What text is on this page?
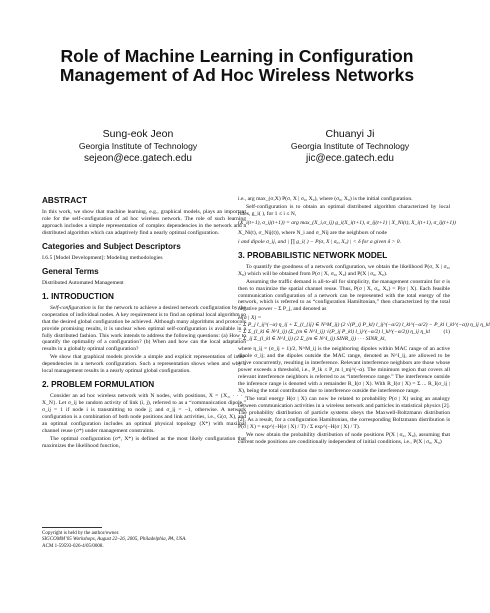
Role of Machine Learning in Configuration Management of Ad Hoc Wireless Networks
Sung-eok Jeon
Georgia Institute of Technology
sejeon@ece.gatech.edu
Chuanyi Ji
Georgia Institute of Technology
jic@ece.gatech.edu
ABSTRACT

In this work, we show that machine learning, e.g., graphical models, plays an important role for the self-configuration of ad hoc wireless network. The role of such learning approach includes a simple representation of complex dependencies in the network and a distributed algorithm which can adaptively find a nearly optimal configuration.

Categories and Subject Descriptors

I.6.5 [Model Development]: Modeling methodologies

General Terms

Distributed Automated Management

1. INTRODUCTION

Self-configuration is for the network to achieve a desired network configuration by the cooperation of individual nodes. A key requirement is to find an optimal local algorithm so that the desired global configuration be achieved. Although many algorithms and protocols provide promising results, it is unclear when optimal self-configuration is available in a fully distributed fashion. This work intends to address the following questions: (a) How to quantify the optimality of a configuration? (b) When and how can the local adaptation results in a globally optimal configuration?

We show that graphical models provide a simple and explicit representation of inter-dependencies in a network configuration. Such a representation shows when and why a local management results in a nearly optimal global configuration.

2. PROBLEM FORMULATION

Consider an ad hoc wireless network with N nodes, with positions, X = {X₁, · · · , X_N}. Let σ_ij be random activity of link (i, j), referred to as a “communication dipole,” σ_ij = 1 if node i is transmitting to node j; and σ_ij = −1, otherwise. A network configuration is a combination of both node positions and link activities, i.e., G(σ, X), and an optimal configuration includes an optimal physical topology (X*) with maximal channel reuse (σ*) under management constraints.

The optimal configuration (σ*, X*) is defined as the most likely configuration that maximizes the likelihood function,

Copyright is held by the author/owner.
SIGCOMM’05 Workshops, August 22–26, 2005, Philadelphia, PA, USA.
ACM 1-59593-026-4/05/0008.

i.e., arg max_(σ,X) P(σ, X | σ₀, X₀), where (σ₀, X₀) is the initial configuration.

Self-configuration is to obtain an optimal distributed algorithm characterized by local rules, g_i( ), for 1 ≤ i ≤ N,

(X_i(t+1), σ_ij(t+1)) = arg max_(X_i,σ_ij) g_i(X_i(t+1), σ_ij(t+1) | X_Ni(t), X_i(t+1), σ_ij(t+1))

X_Ni(t), σ_Nij(t)), where N_i and σ_Nij are the neighbors of node

i and dipole σ_ij, and | ∏ g_i( ) − P(σ, X | σ₀, X₀) | < δ for a given δ > 0.
3. PROBABILISTIC NETWORK MODEL

To quantify the goodness of a network configuration, we obtain the likelihood P(σ, X | σ₀, X₀) which will be obtained from P(σ | X, σ₀, X₀) and P(X | σ₀, X₀).

Assuming the traffic demand is all-to-all for simplicity, the management constraint for σ is then to maximize the spatial channel reuse. Thus, P(σ | X, σ₀, X₀) = P(σ | X). Each feasible communication configuration of a network can be represented with the total energy of the network, which is referred to as “configuration Hamiltonian,” then characterized by the total negative power − Σ P_j, and denoted as

H(σ | X) =
− Σ P_j l_ij^(−α) η_ij + Σ_(l_{ij} ∈ N^M_ij) (2 √(P_ij P_kl) l_ij^(−α/2) l_kl^(−α/2) − P_kl l_kl^(−α)) η_ij η_kl
− Σ Σ_(l_kl ∈ N^I_ij) (Σ_(m ∈ N^I_ij) √(P_ij P_kl) l_ij^(−α/2) l_kl^(−α/2)) η_ij η_kl
− Σ_ij Σ_(l_kl ∈ N^I_ij) (2 Σ_(m ∈ N^I_ij) SINR_ij) · · · SINR_kl,
(1)

where η_ij = (σ_ij + 1)/2, N^M_ij is the neighboring dipoles within MAC range of an active dipole σ_ij; and the dipoles outside the MAC range, denoted as N^I_ij, are allowed to be active concurrently, resulting in interference. Relevant interference neighbors are those whose power exceeds a threshold, i.e., P_lk ≤ P_m l_mj^(−α). The minimum region that covers all relevant interference neighbors is referred to as “interference range.” The interference outside the inference range is denoted with a remainder R_I(σ | X). With R_I(σ | X) = Σ ... R_I(σ_ij | X), being the total contribution due to interference outside the interference range.

The total energy H(σ | X) can now be related to probability P(σ | X) using an analogy between communication activities in a wireless network and particles in statistical physics [2]. The probability distribution of particle systems obeys the Maxwell-Boltzmann distribution [2]. As a result, for a configuration Hamiltonian, the corresponding Boltzmann distribution is P(σ | X) = exp^(−H(σ | X) / T) / Σ exp^(−H(σ | X) / T).

We now obtain the probability distribution of node positions P(X | σ₀, X₀), assuming that current node positions are conditionally independent of initial conditions, i.e., P(X | σ₀, X₀)
